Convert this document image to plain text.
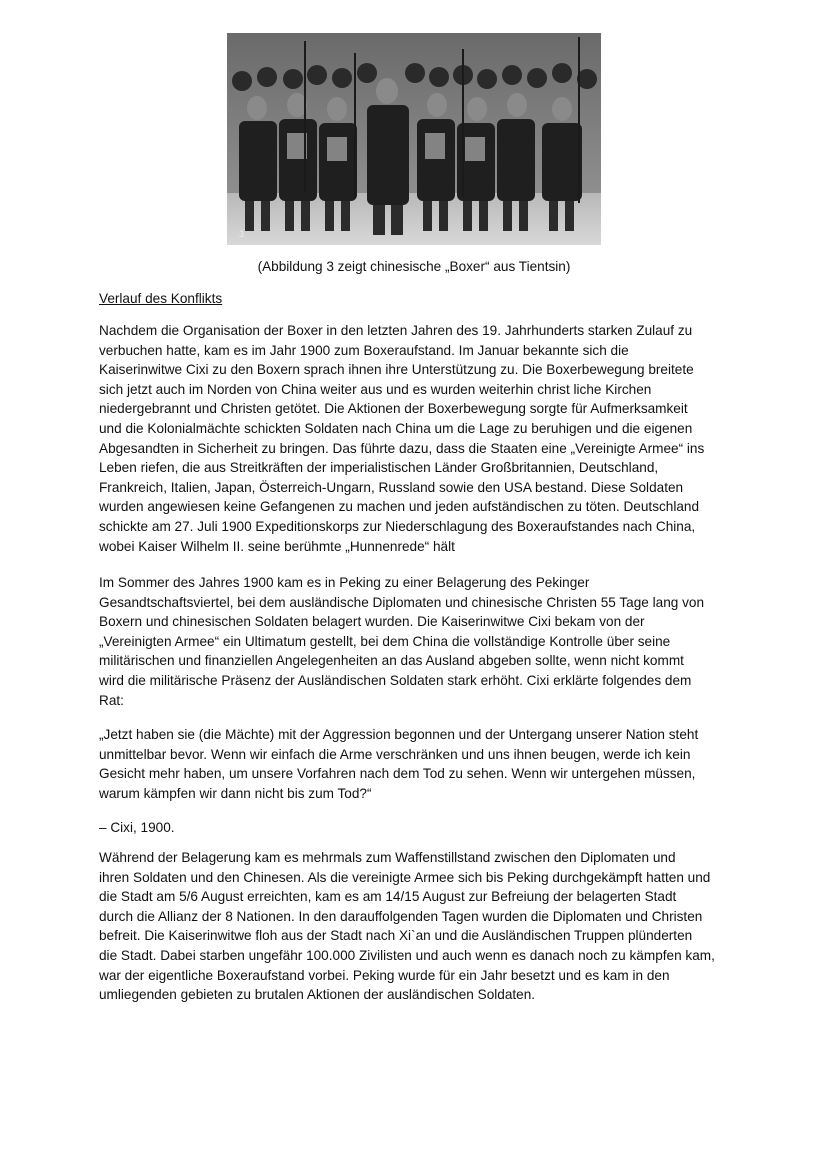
3
(Abbildung 3 zeigt chinesische „Boxer“ aus Tientsin)
Verlauf des Konflikts
Nachdem die Organisation der Boxer in den letzten Jahren des 19. Jahrhunderts starken Zulauf zu
verbuchen hatte, kam es im Jahr 1900 zum Boxeraufstand. Im Januar bekannte sich die
Kaiserinwitwe Cixi zu den Boxern sprach ihnen ihre Unterstützung zu. Die Boxerbewegung breitete
sich jetzt auch im Norden von China weiter aus und es wurden weiterhin christ liche Kirchen
niedergebrannt und Christen getötet. Die Aktionen der Boxerbewegung sorgte für Aufmerksamkeit
und die Kolonialmächte schickten Soldaten nach China um die Lage zu beruhigen und die eigenen
Abgesandten in Sicherheit zu bringen. Das führte dazu, dass die Staaten eine „Vereinigte Armee“ ins
Leben riefen, die aus Streitkräften der imperialistischen Länder Großbritannien, Deutschland,
Frankreich, Italien, Japan, Österreich-Ungarn, Russland sowie den USA bestand. Diese Soldaten
wurden angewiesen keine Gefangenen zu machen und jeden aufständischen zu töten. Deutschland
schickte am 27. Juli 1900 Expeditionskorps zur Niederschlagung des Boxeraufstandes nach China,
wobei Kaiser Wilhelm II. seine berühmte „Hunnenrede“ hält
Im Sommer des Jahres 1900 kam es in Peking zu einer Belagerung des Pekinger
Gesandtschaftsviertel, bei dem ausländische Diplomaten und chinesische Christen 55 Tage lang von
Boxern und chinesischen Soldaten belagert wurden. Die Kaiserinwitwe Cixi bekam von der
„Vereinigten Armee“ ein Ultimatum gestellt, bei dem China die vollständige Kontrolle über seine
militärischen und finanziellen Angelegenheiten an das Ausland abgeben sollte, wenn nicht kommt
wird die militärische Präsenz der Ausländischen Soldaten stark erhöht. Cixi erklärte folgendes dem
Rat:
„Jetzt haben sie (die Mächte) mit der Aggression begonnen und der Untergang unserer Nation steht
unmittelbar bevor. Wenn wir einfach die Arme verschränken und uns ihnen beugen, werde ich kein
Gesicht mehr haben, um unsere Vorfahren nach dem Tod zu sehen. Wenn wir untergehen müssen,
warum kämpfen wir dann nicht bis zum Tod?“
– Cixi, 1900.
Während der Belagerung kam es mehrmals zum Waffenstillstand zwischen den Diplomaten und
ihren Soldaten und den Chinesen. Als die vereinigte Armee sich bis Peking durchgekämpft hatten und
die Stadt am 5/6 August erreichten, kam es am 14/15 August zur Befreiung der belagerten Stadt
durch die Allianz der 8 Nationen. In den darauffolgenden Tagen wurden die Diplomaten und Christen
befreit. Die Kaiserinwitwe floh aus der Stadt nach Xi`an und die Ausländischen Truppen plünderten
die Stadt. Dabei starben ungefähr 100.000 Zivilisten und auch wenn es danach noch zu kämpfen kam,
war der eigentliche Boxeraufstand vorbei. Peking wurde für ein Jahr besetzt und es kam in den
umliegenden gebieten zu brutalen Aktionen der ausländischen Soldaten.
